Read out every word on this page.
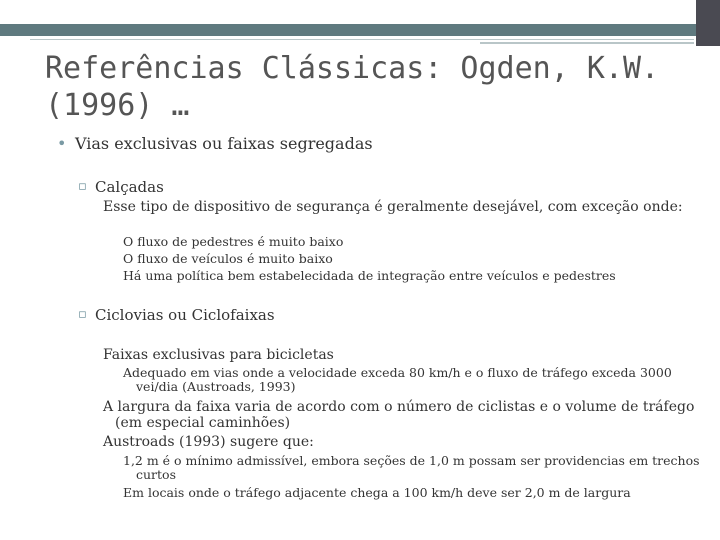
Referências Clássicas: Ogden, K.W. (1996) …
• Vias exclusivas ou faixas segregadas
▫ Calçadas
Esse tipo de dispositivo de segurança é geralmente desejável, com exceção onde:
O fluxo de pedestres é muito baixo
O fluxo de veículos é muito baixo
Há uma política bem estabelecidada de integração entre veículos e pedestres
▫ Ciclovias ou Ciclofaixas
Faixas exclusivas para bicicletas
Adequado em vias onde a velocidade exceda 80 km/h e o fluxo de tráfego exceda 3000 vei/dia (Austroads, 1993)
A largura da faixa varia de acordo com o número de ciclistas e o volume de tráfego (em especial caminhões)
Austroads (1993) sugere que:
1,2 m é o mínimo admissível, embora seções de 1,0 m possam ser providencias em trechos curtos
Em locais onde o tráfego adjacente chega a 100 km/h deve ser 2,0 m de largura
